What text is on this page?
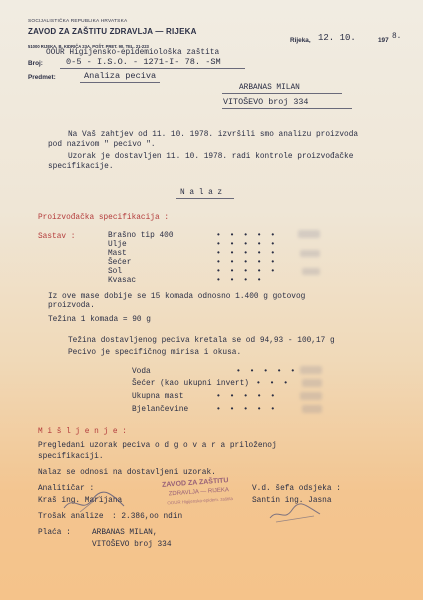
SOCIJALISTIČKA REPUBLIKA HRVATSKA
ZAVOD ZA ZAŠTITU ZDRAVLJA — RIJEKA
51000 RIJEKA, B. KIDRIČA 23A, POŠT. PRET. 90, TEL. 21-223
OOUR Higijensko-epidemiološka zaštita
Rijeka, 12. 10.	197 8.
Broj:	0-5 - I.S.O. - 1271-I- 78. -SM
Predmet:	Analiza peciva
ARBANAS MILAN
VITOŠEVO broj 334
Na Vaš zahtjev od 11. 10. 1978. izvršili smo analizu proizvoda
pod nazivom " pecivo ".
Uzorak je dostavljen 11. 10. 1978. radi kontrole proizvođačke
specifikacije.
N a l a z
Proizvođačka specifikacija :
Sastav :	Brašno tip 400	• • • • •
Ulje	• • • • •
Mast	• • • • •
Šećer	• • • • •
Sol	• • • • •
Kvasac	• • • •
Iz ove mase dobije se 15 komada odnosno 1.400 g gotovog
proizvoda.
Težina 1 komada = 90 g
Težina dostavljenog peciva kretala se od 94,93 - 100,17 g
Pecivo je specifičnog mirisa i okusa.
Voda	• • • • •
Šećer (kao ukupni invert) • • •
Ukupna mast	• • • • •
Bjelančevine	• • • • •
M i š l j e n j e :
Pregledani uzorak peciva o d g o v a r a priloženoj
specifikaciji.
Nalaz se odnosi na dostavljeni uzorak.
Analitičar :
Kraš ing. Marijana
V.d. šefa odsjeka :
Santin ing. Jasna
Trošak analize : 2.386,oo ndin
Plaća :	ARBANAS MILAN,
VITOŠEVO broj 334
ZAVOD ZA ZAŠTITU
ZDRAVLJA — RIJEKA
OOUR Higijensko-epidem. zaštita
